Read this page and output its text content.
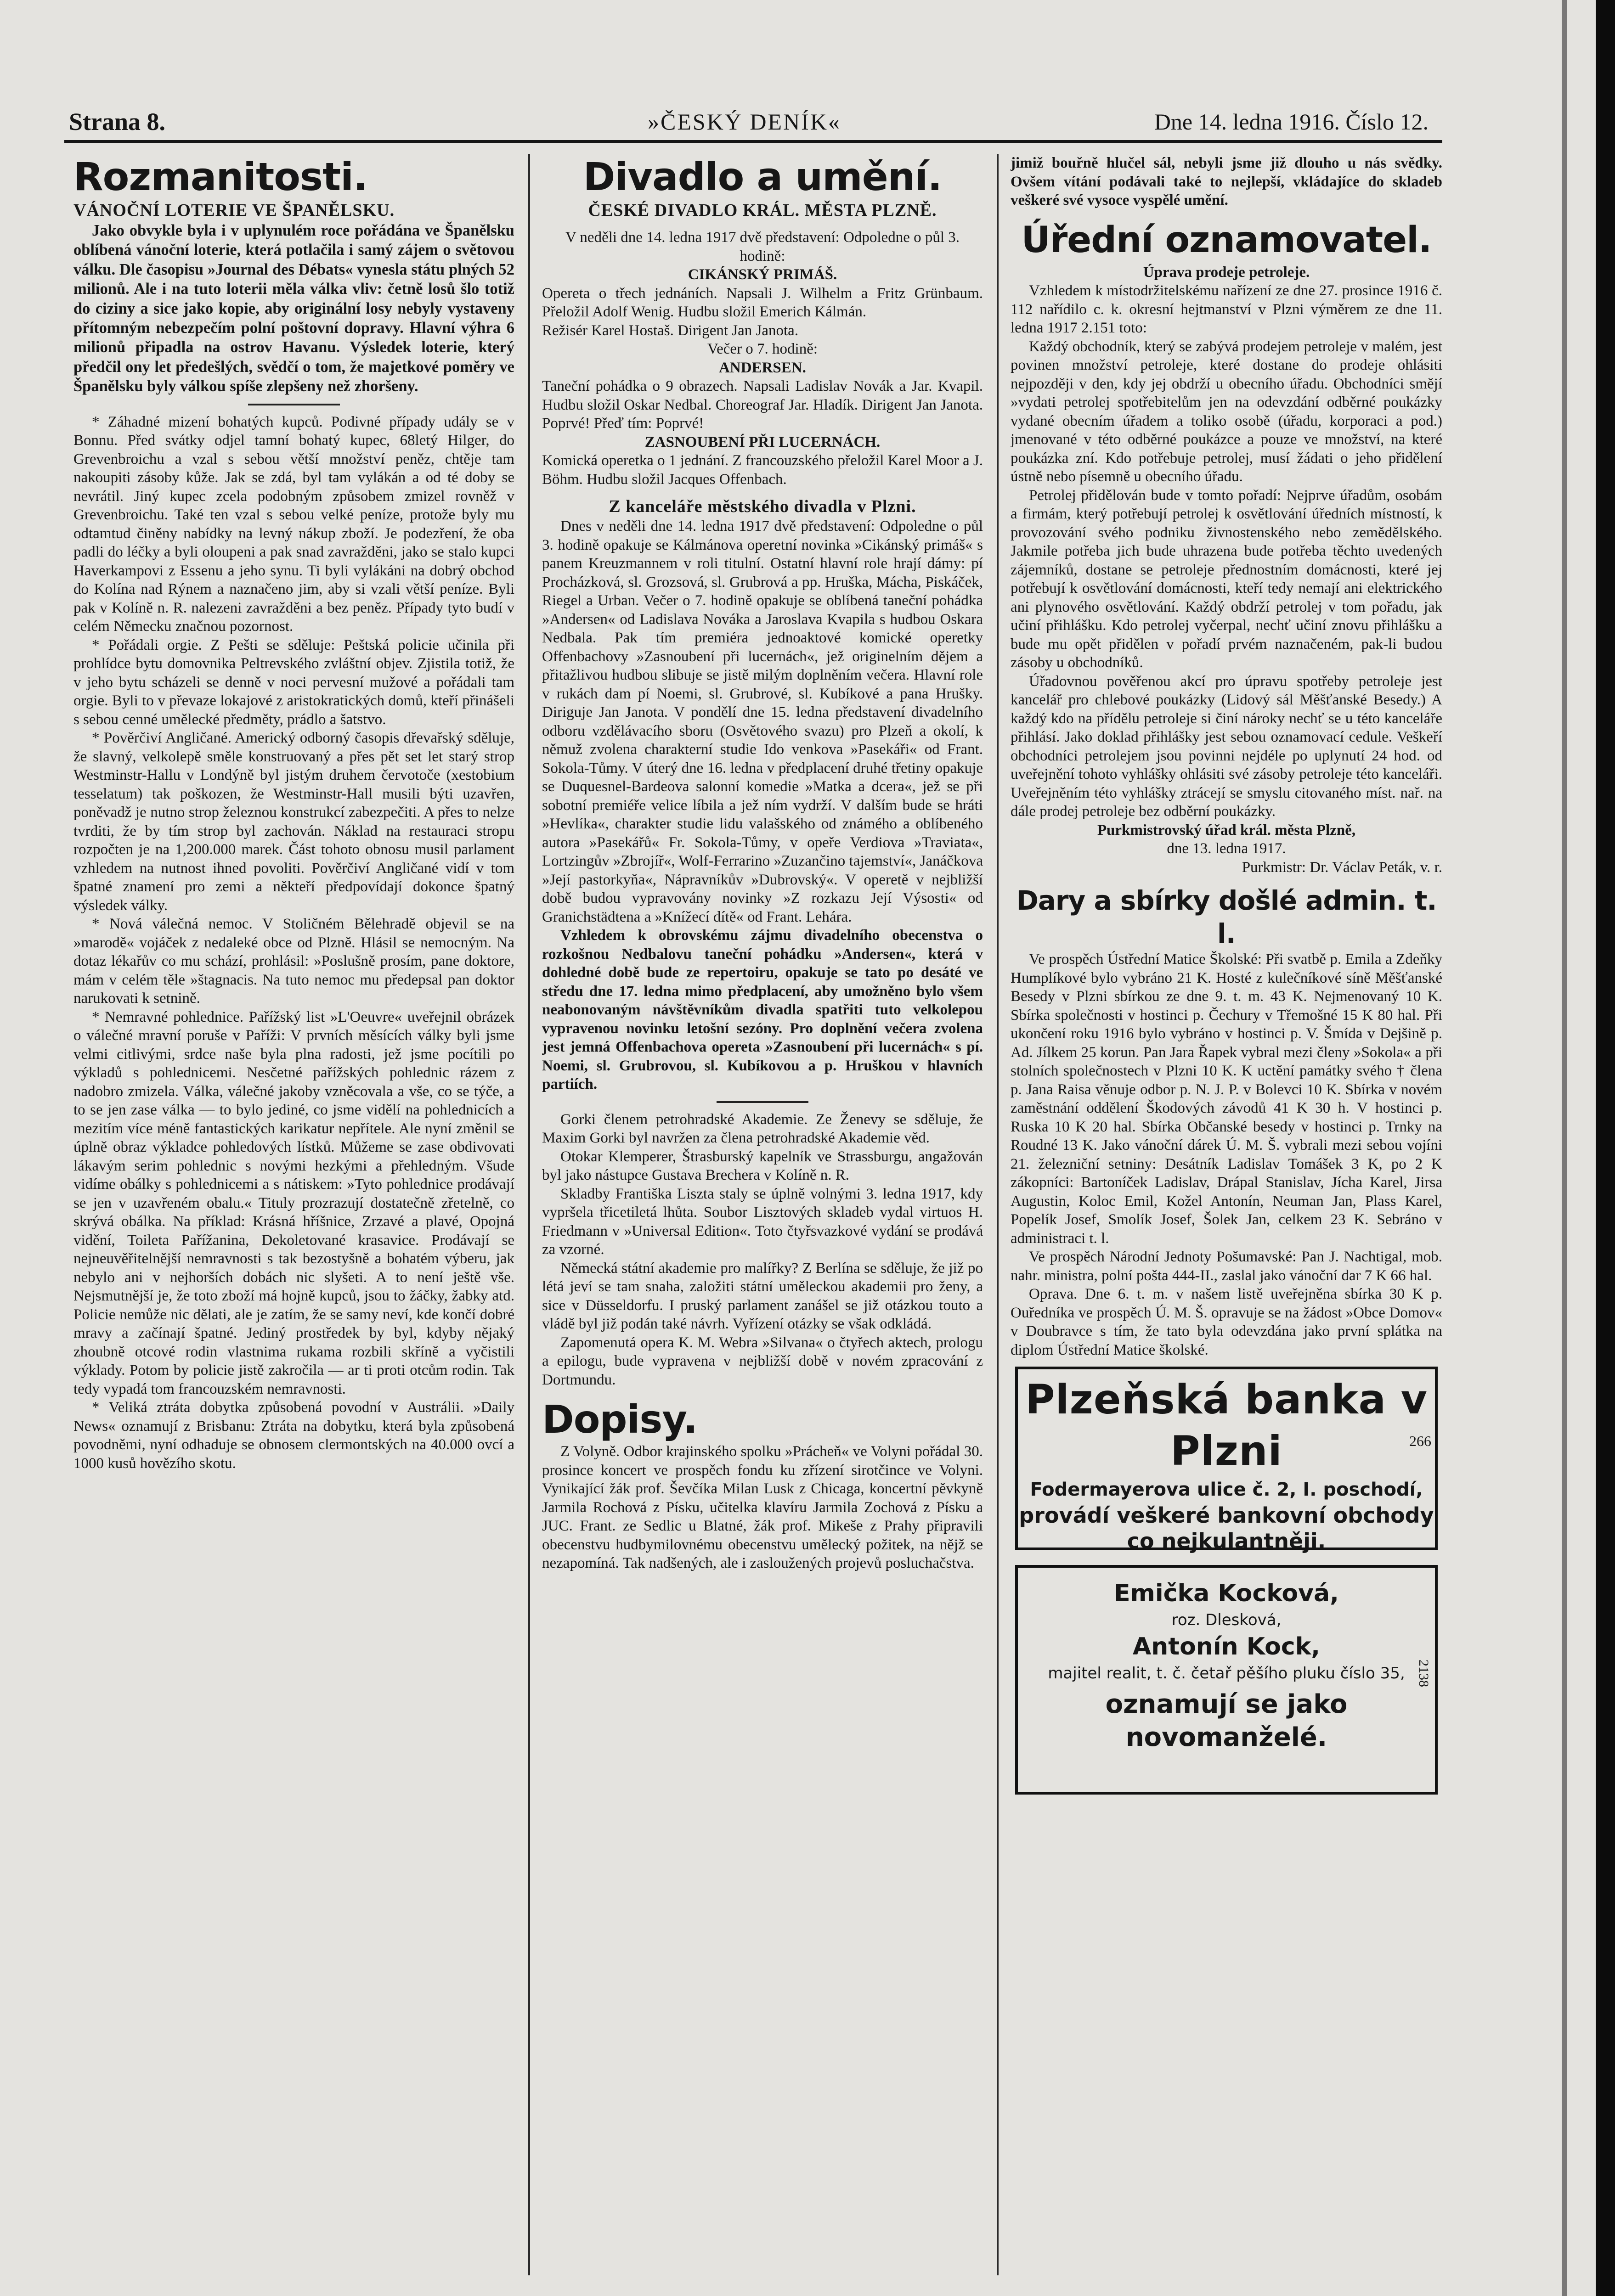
Strana 8.	»ČESKÝ DENÍK«	Dne 14. ledna 1916. Číslo 12.
Rozmanitosti.

VÁNOČNÍ LOTERIE VE ŠPANĚLSKU.

Jako obvykle byla i v uplynulém roce pořádána ve Španělsku oblíbená vánoční loterie, která potlačila i samý zájem o světovou válku. Dle časopisu »Journal des Débats« vynesla státu plných 52 milionů. Ale i na tuto loterii měla válka vliv: četně losů šlo totiž do ciziny a sice jako kopie, aby originální losy nebyly vystaveny přítomným nebezpečím polní poštovní dopravy. Hlavní výhra 6 milionů připadla na ostrov Havanu. Výsledek loterie, který předčil ony let předešlých, svědčí o tom, že majetkové poměry ve Španělsku byly válkou spíše zlepšeny než zhoršeny.

* Záhadné mizení bohatých kupců. Podivné případy udály se v Bonnu. Před svátky odjel tamní bohatý kupec, 68letý Hilger, do Grevenbroichu a vzal s sebou větší množství peněz, chtěje tam nakoupiti zásoby kůže. Jak se zdá, byl tam vylákán a od té doby se nevrátil. Jiný kupec zcela podobným způsobem zmizel rovněž v Grevenbroichu. Také ten vzal s sebou velké peníze, protože byly mu odtamtud činěny nabídky na levný nákup zboží. Je podezření, že oba padli do léčky a byli oloupeni a pak snad zavražděni, jako se stalo kupci Haverkampovi z Essenu a jeho synu. Ti byli vylákáni na dobrý obchod do Kolína nad Rýnem a naznačeno jim, aby si vzali větší peníze. Byli pak v Kolíně n. R. nalezeni zavražděni a bez peněz. Případy tyto budí v celém Německu značnou pozornost.

* Pořádali orgie. Z Pešti se sděluje: Peštská policie učinila při prohlídce bytu domovnika Peltrevského zvláštní objev. Zjistila totiž, že v jeho bytu scházeli se denně v noci pervesní mužové a pořádali tam orgie. Byli to v převaze lokajové z aristokratických domů, kteří přinášeli s sebou cenné umělecké předměty, prádlo a šatstvo.

* Pověrčiví Angličané. Americký odborný časopis dřevařský sděluje, že slavný, velkolepě směle konstruovaný a přes pět set let starý strop Westminstr-Hallu v Londýně byl jistým druhem červotoče (xestobium tesselatum) tak poškozen, že Westminstr-Hall musili býti uzavřen, poněvadž je nutno strop železnou konstrukcí zabezpečiti. A přes to nelze tvrditi, že by tím strop byl zachován. Náklad na restauraci stropu rozpočten je na 1,200.000 marek. Část tohoto obnosu musil parlament vzhledem na nutnost ihned povoliti. Pověrčiví Angličané vidí v tom špatné znamení pro zemi a někteří předpovídají dokonce špatný výsledek války.

* Nová válečná nemoc. V Stoličném Bělehradě objevil se na »marodě« vojáček z nedaleké obce od Plzně. Hlásil se nemocným. Na dotaz lékařův co mu schází, prohlásil: »Poslušně prosím, pane doktore, mám v celém těle »štagnacis. Na tuto nemoc mu předepsal pan doktor narukovati k setnině.

* Nemravné pohlednice. Pařížský list »L'Oeuvre« uveřejnil obrázek o válečné mravní poruše v Paříži: V prvních měsících války byli jsme velmi citlivými, srdce naše byla plna radosti, jež jsme pocítili po výkladů s pohlednicemi. Nesčetné pařížských pohlednic rázem z nadobro zmizela. Válka, válečné jakoby vzněcovala a vše, co se týče, a to se jen zase válka — to bylo jediné, co jsme vidělí na pohlednicích a mezitím více méně fantastických karikatur nepřítele. Ale nyní změnil se úplně obraz výkladce pohledových lístků. Můžeme se zase obdivovati lákavým serim pohlednic s novými hezkými a přehledným. Všude vidíme obálky s pohlednicemi a s nátiskem: »Tyto pohlednice prodávají se jen v uzavřeném obalu.« Tituly prozrazují dostatečně zřetelně, co skrývá obálka. Na příklad: Krásná hříšnice, Zrzavé a plavé, Opojná vidění, Toileta Pařížanina, Dekoletované krasavice. Prodávají se nejneuvěřitelnější nemravnosti s tak bezostyšně a bohatém výberu, jak nebylo ani v nejhorších dobách nic slyšeti. A to není ještě vše. Nejsmutnější je, že toto zboží má hojně kupců, jsou to žáčky, žabky atd. Policie nemůže nic dělati, ale je zatím, že se samy neví, kde končí dobré mravy a začínají špatné. Jediný prostředek by byl, kdyby nějaký zhoubně otcové rodin vlastnima rukama rozbili skříně a vyčistili výklady. Potom by policie jistě zakročila — ar ti proti otcům rodin. Tak tedy vypadá tom francouzském nemravnosti.

* Veliká ztráta dobytka způsobená povodní v Austrálii. »Daily News« oznamují z Brisbanu: Ztráta na dobytku, která byla způsobená povodněmi, nyní odhaduje se obnosem clermontských na 40.000 ovcí a 1000 kusů hovězího skotu.

Divadlo a umění.

ČESKÉ DIVADLO KRÁL. MĚSTA PLZNĚ.

V neděli dne 14. ledna 1917 dvě představení: Odpoledne o půl 3. hodině:

CIKÁNSKÝ PRIMÁŠ.

Opereta o třech jednáních. Napsali J. Wilhelm a Fritz Grünbaum. Přeložil Adolf Wenig. Hudbu složil Emerich Kálmán.

Režisér Karel Hostaš. Dirigent Jan Janota.

Večer o 7. hodině:

ANDERSEN.

Taneční pohádka o 9 obrazech. Napsali Ladislav Novák a Jar. Kvapil. Hudbu složil Oskar Nedbal. Choreograf Jar. Hladík. Dirigent Jan Janota. Poprvé! Přeď tím: Poprvé!

ZASNOUBENÍ PŘI LUCERNÁCH.

Komická operetka o 1 jednání. Z francouzského přeložil Karel Moor a J. Böhm. Hudbu složil Jacques Offenbach.

Z kanceláře městského divadla v Plzni.

Dnes v neděli dne 14. ledna 1917 dvě představení: Odpoledne o půl 3. hodině opakuje se Kálmánova operetní novinka »Cikánský primáš« s panem Kreuzmannem v roli titulní. Ostatní hlavní role hrají dámy: pí Procházková, sl. Grozsová, sl. Grubrová a pp. Hruška, Mácha, Piskáček, Riegel a Urban. Večer o 7. hodině opakuje se oblíbená taneční pohádka »Andersen« od Ladislava Nováka a Jaroslava Kvapila s hudbou Oskara Nedbala. Pak tím premiéra jednoaktové komické operetky Offenbachovy »Zasnoubení při lucernách«, jež originelním dějem a přitažlivou hudbou slibuje se jistě milým doplněním večera. Hlavní role v rukách dam pí Noemi, sl. Grubrové, sl. Kubíkové a pana Hrušky. Diriguje Jan Janota. V pondělí dne 15. ledna představení divadelního odboru vzdělávacího sboru (Osvětového svazu) pro Plzeň a okolí, k němuž zvolena charakterní studie Ido venkova »Pasekáři« od Frant. Sokola-Tůmy. V úterý dne 16. ledna v předplacení druhé třetiny opakuje se Duquesnel-Bardeova salonní komedie »Matka a dcera«, jež se při sobotní premiéře velice líbila a jež ním vydrží. V dalším bude se hráti »Hevlíka«, charakter studie lidu valašského od známého a oblíbeného autora »Pasekářů« Fr. Sokola-Tůmy, v opeře Verdiova »Traviata«, Lortzingův »Zbrojíř«, Wolf-Ferrarino »Zuzančino tajemství«, Janáčkova »Její pastorkyňa«, Nápravníkův »Dubrovský«. V operetě v nejbližší době budou vypravovány novinky »Z rozkazu Její Výsosti« od Granichstädtena a »Knížecí dítě« od Frant. Lehára.

Vzhledem k obrovskému zájmu divadelního obecenstva o rozkošnou Nedbalovu taneční pohádku »Andersen«, která v dohledné době bude ze repertoiru, opakuje se tato po desáté ve středu dne 17. ledna mimo předplacení, aby umožněno bylo všem neabonovaným návštěvníkům divadla spatřiti tuto velkolepou vypravenou novinku letošní sezóny. Pro doplnění večera zvolena jest jemná Offenbachova opereta »Zasnoubení při lucernách« s pí. Noemi, sl. Grubrovou, sl. Kubíkovou a p. Hruškou v hlavních partiích.

Gorki členem petrohradské Akademie. Ze Ženevy se sděluje, že Maxim Gorki byl navržen za člena petrohradské Akademie věd.

Otokar Klemperer, Štrasburský kapelník ve Strassburgu, angažován byl jako nástupce Gustava Brechera v Kolíně n. R.

Skladby Františka Liszta staly se úplně volnými 3. ledna 1917, kdy vypršela třicetiletá lhůta. Soubor Lisztových skladeb vydal virtuos H. Friedmann v »Universal Edition«. Toto čtyřsvazkové vydání se prodává za vzorné.

Německá státní akademie pro malířky? Z Berlína se sděluje, že již po létá jeví se tam snaha, založiti státní uměleckou akademii pro ženy, a sice v Düsseldorfu. I pruský parlament zanášel se již otázkou touto a vládě byl již podán také návrh. Vyřízení otázky se však odkládá.

Zapomenutá opera K. M. Webra »Silvana« o čtyřech aktech, prologu a epilogu, bude vypravena v nejbližší době v novém zpracování z Dortmundu.

Dopisy.

Z Volyně. Odbor krajinského spolku »Prácheň« ve Volyni pořádal 30. prosince koncert ve prospěch fondu ku zřízení sirotčince ve Volyni. Vynikající žák prof. Ševčíka Milan Lusk z Chicaga, koncertní pěvkyně Jarmila Rochová z Písku, učitelka klavíru Jarmila Zochová z Písku a JUC. Frant. ze Sedlic u Blatné, žák prof. Mikeše z Prahy připravili obecenstvu hudbymilovnému obecenstvu umělecký požitek, na nějž se nezapomíná. Tak nadšených, ale i zasloužených projevů posluchačstva.

jimiž bouřně hlučel sál, nebyli jsme již dlouho u nás svědky. Ovšem vítání podávali také to nejlepší, vkládajíce do skladeb veškeré své vysoce vyspělé umění.

Úřední oznamovatel.

Úprava prodeje petroleje.

Vzhledem k místodržitelskému nařízení ze dne 27. prosince 1916 č. 112 nařídilo c. k. okresní hejtmanství v Plzni výměrem ze dne 11. ledna 1917 2.151 toto:

Každý obchodník, který se zabývá prodejem petroleje v malém, jest povinen množství petroleje, které dostane do prodeje ohlásiti nejpozději v den, kdy jej obdrží u obecního úřadu. Obchodníci smějí »vydati petrolej spotřebitelům jen na odevzdání odběrné poukázky vydané obecním úřadem a toliko osobě (úřadu, korporaci a pod.) jmenované v této odběrné poukázce a pouze ve množství, na které poukázka zní. Kdo potřebuje petrolej, musí žádati o jeho přidělení ústně nebo písemně u obecního úřadu.

Petrolej přidělován bude v tomto pořadí: Nejprve úřadům, osobám a firmám, který potřebují petrolej k osvětlování úředních místností, k provozování svého podniku živnostenského nebo zemědělského. Jakmile potřeba jich bude uhrazena bude potřeba těchto uvedených zájemníků, dostane se petroleje přednostním domácnosti, které jej potřebují k osvětlování domácnosti, kteří tedy nemají ani elektrického ani plynového osvětlování. Každý obdrží petrolej v tom pořadu, jak učiní přihlášku. Kdo petrolej vyčerpal, nechť učiní znovu přihlášku a bude mu opět přidělen v pořadí prvém naznačeném, pak-li budou zásoby u obchodníků.

Úřadovnou pověřenou akcí pro úpravu spotřeby petroleje jest kancelář pro chlebové poukázky (Lidový sál Měšťanské Besedy.) A každý kdo na přídělu petroleje si činí nároky nechť se u této kanceláře přihlásí. Jako doklad přihlášky jest sebou oznamovací cedule. Veškeří obchodníci petrolejem jsou povinni nejdéle po uplynutí 24 hod. od uveřejnění tohoto vyhlášky ohlásiti své zásoby petroleje této kanceláři. Uveřejněním této vyhlášky ztrácejí se smyslu citovaného míst. nař. na dále prodej petroleje bez odběrní poukázky.

Purkmistrovský úřad král. města Plzně,

dne 13. ledna 1917.

Purkmistr: Dr. Václav Peták, v. r.

Dary a sbírky došlé admin. t. l.

Ve prospěch Ústřední Matice Školské: Při svatbě p. Emila a Zdeňky Humplíkové bylo vybráno 21 K. Hosté z kulečníkové síně Měšťanské Besedy v Plzni sbírkou ze dne 9. t. m. 43 K. Nejmenovaný 10 K. Sbírka společnosti v hostinci p. Čechury v Třemošné 15 K 80 hal. Při ukončení roku 1916 bylo vybráno v hostinci p. V. Šmída v Dejšině p. Ad. Jílkem 25 korun. Pan Jara Řapek vybral mezi členy »Sokola« a při stolních společnostech v Plzni 10 K. K uctění památky svého † člena p. Jana Raisa věnuje odbor p. N. J. P. v Bolevci 10 K. Sbírka v novém zaměstnání oddělení Škodových závodů 41 K 30 h. V hostinci p. Ruska 10 K 20 hal. Sbírka Občanské besedy v hostinci p. Trnky na Roudné 13 K. Jako vánoční dárek Ú. M. Š. vybrali mezi sebou vojíni 21. železniční setniny: Desátník Ladislav Tomášek 3 K, po 2 K zákopníci: Bartoníček Ladislav, Drápal Stanislav, Jícha Karel, Jirsa Augustin, Koloc Emil, Kožel Antonín, Neuman Jan, Plass Karel, Popelík Josef, Smolík Josef, Šolek Jan, celkem 23 K. Sebráno v administraci t. l.

Ve prospěch Národní Jednoty Pošumavské: Pan J. Nachtigal, mob. nahr. ministra, polní pošta 444-II., zaslal jako vánoční dar 7 K 66 hal.

Oprava. Dne 6. t. m. v našem listě uveřejněna sbírka 30 K p. Ouředníka ve prospěch Ú. M. Š. opravuje se na žádost »Obce Domov« v Doubravce s tím, že tato byla odevzdána jako první splátka na diplom Ústřední Matice školské.

Plzeňská banka v Plzni	266

Fodermayerova ulice č. 2, I. poschodí,

provádí veškeré bankovní obchody co nejkulantněji.

Emička Kocková,

roz. Dlesková,

Antonín Kock,

majitel realit, t. č. četař pěšího pluku číslo 35,

oznamují se jako novomanželé.

2138
